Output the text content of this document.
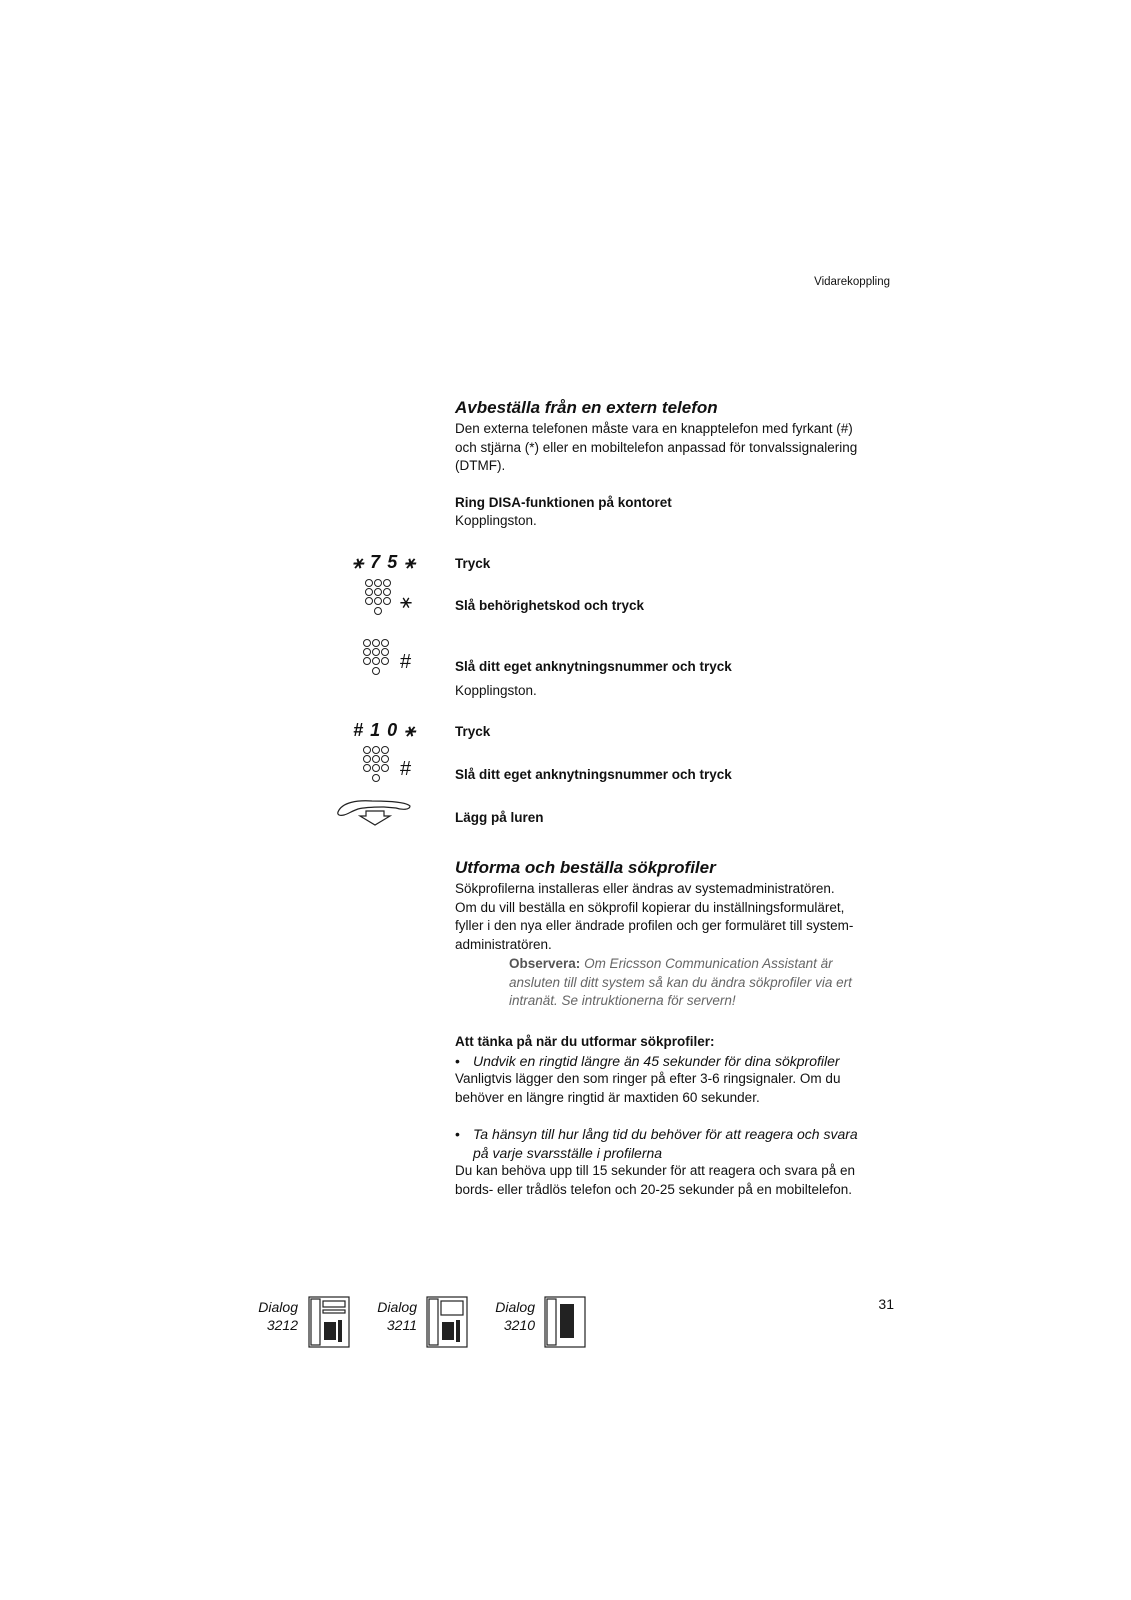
Vidarekoppling
Avbeställa från en extern telefon
Den externa telefonen måste vara en knapptelefon med fyrkant (#)
och stjärna (*) eller en mobiltelefon anpassad för tonvalssignalering
(DTMF).
Ring DISA-funktionen på kontoret
Kopplingston.
⚹ 7 5 ⚹	Tryck
⚹	Slå behörighetskod och tryck
#	Slå ditt eget anknytningsnummer och tryck
Kopplingston.
# 1 0 ⚹	Tryck
#	Slå ditt eget anknytningsnummer och tryck
Lägg på luren
Utforma och beställa sökprofiler
Sökprofilerna installeras eller ändras av systemadministratören.
Om du vill beställa en sökprofil kopierar du inställningsformuläret,
fyller i den nya eller ändrade profilen och ger formuläret till system-
administratören.
Observera: Om Ericsson Communication Assistant är
ansluten till ditt system så kan du ändra sökprofiler via ert
intranät. Se intruktionerna för servern!
Att tänka på när du utformar sökprofiler:
• Undvik en ringtid längre än 45 sekunder för dina sökprofiler
Vanligtvis lägger den som ringer på efter 3-6 ringsignaler. Om du
behöver en längre ringtid är maxtiden 60 sekunder.
• Ta hänsyn till hur lång tid du behöver för att reagera och svara
på varje svarsställe i profilerna
Du kan behöva upp till 15 sekunder för att reagera och svara på en
bords- eller trådlös telefon och 20-25 sekunder på en mobiltelefon.
Dialog
3212
Dialog
3211
Dialog
3210
31
